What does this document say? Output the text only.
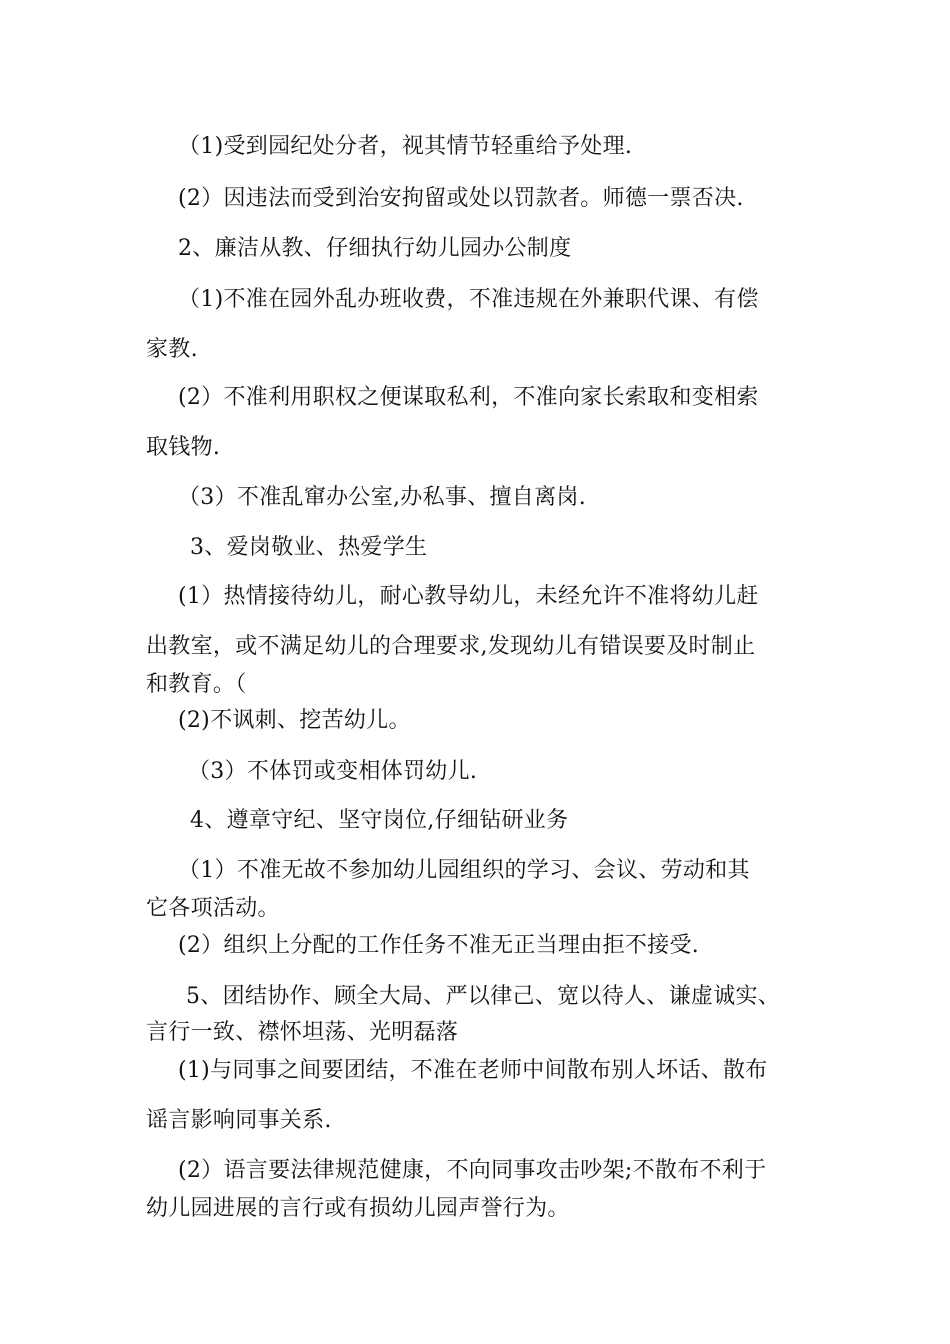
（1)受到园纪处分者，视其情节轻重给予处理.
(2）因违法而受到治安拘留或处以罚款者。师德一票否决.
2、廉洁从教、仔细执行幼儿园办公制度
（1)不准在园外乱办班收费，不准违规在外兼职代课、有偿
家教.
(2）不准利用职权之便谋取私利，不准向家长索取和变相索
取钱物.
（3）不准乱窜办公室,办私事、擅自离岗.
3、爱岗敬业、热爱学生
(1）热情接待幼儿，耐心教导幼儿，未经允许不准将幼儿赶
出教室，或不满足幼儿的合理要求,发现幼儿有错误要及时制止
和教育。（
(2)不讽刺、挖苦幼儿。
（3）不体罚或变相体罚幼儿.
4、遵章守纪、坚守岗位,仔细钻研业务
（1）不准无故不参加幼儿园组织的学习、会议、劳动和其
它各项活动。
(2）组织上分配的工作任务不准无正当理由拒不接受.
5、团结协作、顾全大局、严以律己、宽以待人、谦虚诚实、
言行一致、襟怀坦荡、光明磊落
(1)与同事之间要团结，不准在老师中间散布别人坏话、散布
谣言影响同事关系.
(2）语言要法律规范健康，不向同事攻击吵架;不散布不利于
幼儿园进展的言行或有损幼儿园声誉行为。
